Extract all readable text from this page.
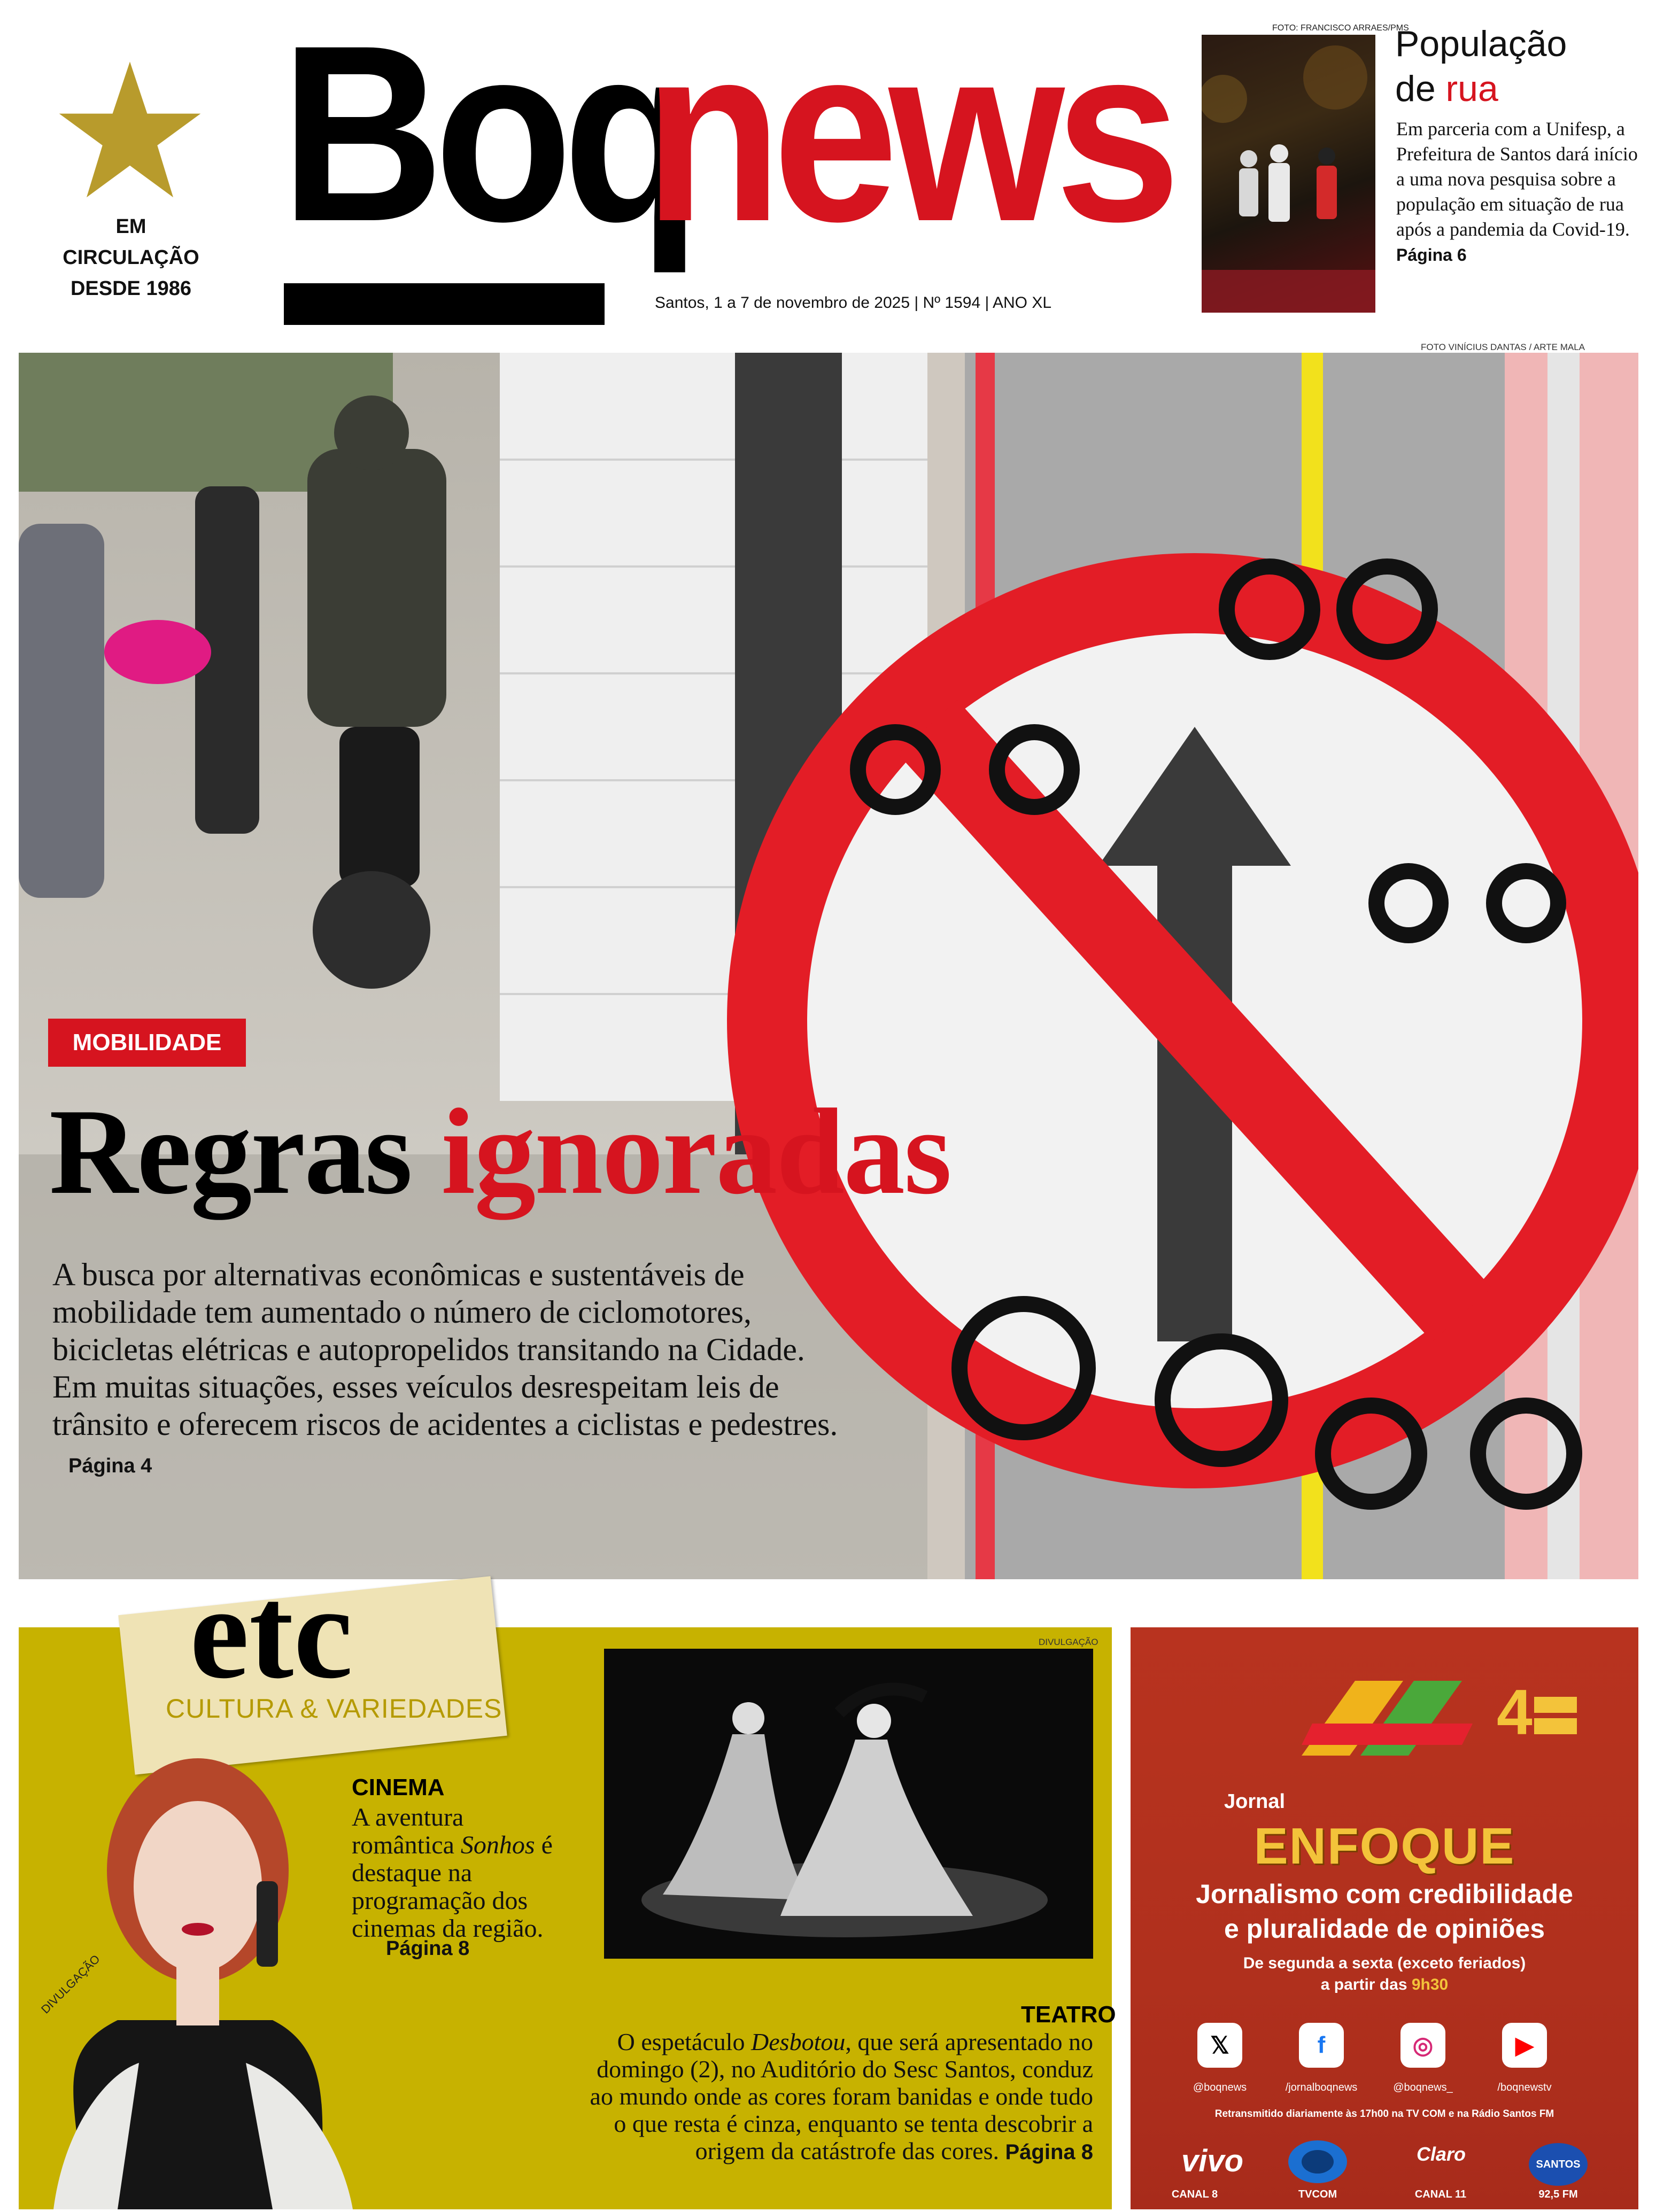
EM CIRCULAÇÃO
DESDE 1986
Boq
news
Santos, 1 a 7 de novembro de 2025 | Nº 1594 | ANO XL
FOTO: FRANCISCO ARRAES/PMS
População
de rua
Em parceria com a Unifesp, a Prefeitura de Santos dará início a uma nova pesquisa sobre a população em situação de rua após a pandemia da Covid-19. Página 6
FOTO VINÍCIUS DANTAS / ARTE MALA
MOBILIDADE
Regras ignoradas
A busca por alternativas econômicas e sustentáveis de mobilidade tem aumentado o número de ciclomotores, bicicletas elétricas e autopropelidos transitando na Cidade. Em muitas situações, esses veículos desrespeitam leis de trânsito e oferecem riscos de acidentes a ciclistas e pedestres. Página 4
etc
CULTURA & VARIEDADES
DIVULGAÇÃO
CINEMA
A aventura romântica Sonhos é destaque na programação dos cinemas da região.
Página 8
DIVULGAÇÃO
TEATRO
O espetáculo Desbotou, que será apresentado no domingo (2), no Auditório do Sesc Santos, conduz ao mundo onde as cores foram banidas e onde tudo o que resta é cinza, enquanto se tenta descobrir a origem da catástrofe das cores. Página 8
4
Jornal
ENFOQUE
Jornalismo com credibilidade
e pluralidade de opiniões
De segunda a sexta (exceto feriados)
a partir das 9h30
𝕏	f	◎	▶
@boqnews	/jornalboqnews	@boqnews_	/boqnewstv
Retransmitido diariamente às 17h00 na TV COM e na Rádio Santos FM
vivo	Claro	SANTOS
CANAL 8	TVCOM	CANAL 11	92,5 FM
